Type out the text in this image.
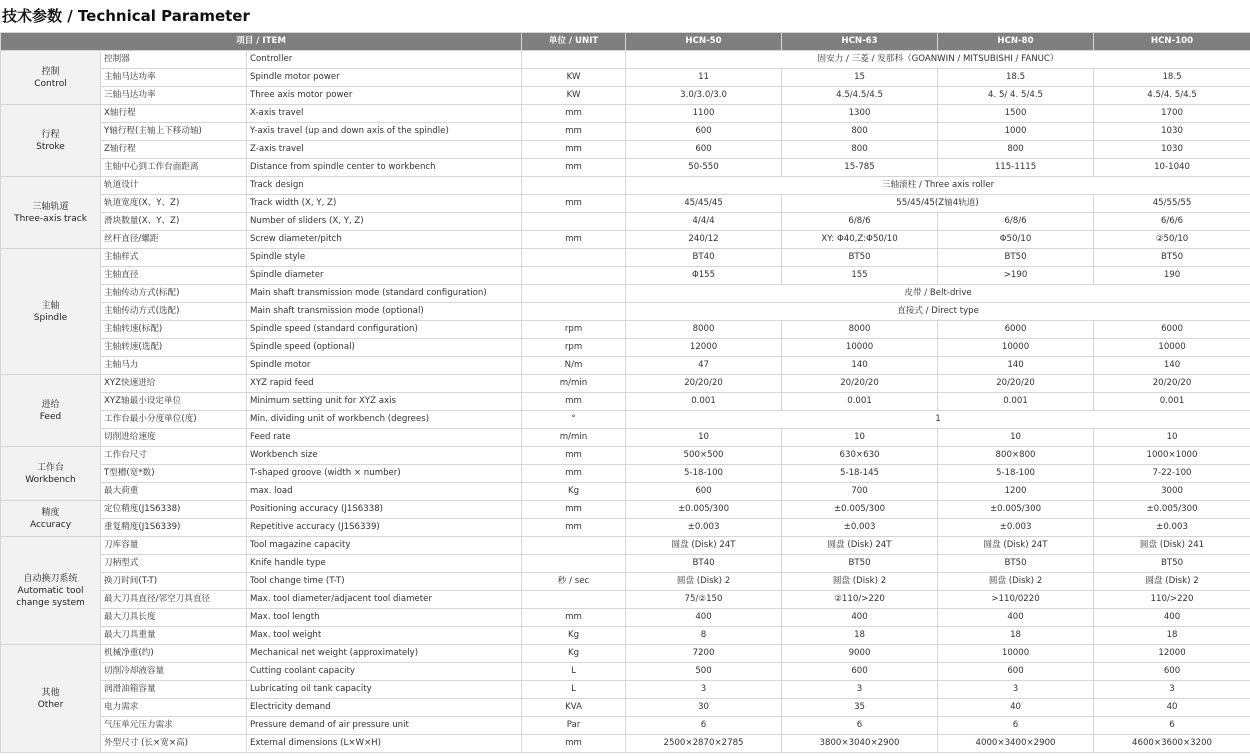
技术参数 / Technical Parameter
项目 / ITEM			单位 / UNIT	HCN-50	HCN-63	HCN-80	HCN-100

控制
Control	控制器	Controller		固安力 / 三菱 / 发那科（GOANWIN / MITSUBISHI / FANUC）			
	主轴马达功率	Spindle motor power	KW	11	15	18.5	18.5
	三轴马达功率	Three axis motor power	KW	3.0/3.0/3.0	4.5/4.5/4.5	4. 5/ 4. 5/4.5	4.5/4. 5/4.5

行程
Stroke	X轴行程	X-axis travel	mm	1100	1300	1500	1700
	Y轴行程(主轴上下移动轴)	Y-axis travel (up and down axis of the spindle)	mm	600	800	1000	1030
	Z轴行程	Z-axis travel	mm	600	800	800	1030
	主轴中心到工作台面距离	Distance from spindle center to workbench	mm	50-550	15-785	115-1115	10-1040

三轴轨道
Three-axis track	轨道设计	Track design		三轴滚柱 / Three axis roller			
	轨道宽度(X、Y、Z)	Track width (X, Y, Z)	mm	45/45/45	55/45/45(Z轴4轨道)		45/55/55
	滑块数量(X、Y、Z)	Number of sliders (X, Y, Z)		4/4/4	6/8/6	6/8/6	6/6/6
	丝杆直径/螺距	Screw diameter/pitch	mm	240/12	XY: Φ40,Z:Φ50/10	Φ50/10	②50/10

主轴
Spindle	主轴样式	Spindle style		BT40	BT50	BT50	BT50
	主轴直径	Spindle diameter		Φ155	155	>190	190
	主轴传动方式(标配)	Main shaft transmission mode (standard configuration)		皮带 / Belt-drive			
	主轴传动方式(选配)	Main shaft transmission mode (optional)		直接式 / Direct type			
	主轴转速(标配)	Spindle speed (standard configuration)	rpm	8000	8000	6000	6000
	主轴转速(选配)	Spindle speed (optional)	rpm	12000	10000	10000	10000
	主轴马力	Spindle motor	N/m	47	140	140	140

进给
Feed	XYZ快速进给	XYZ rapid feed	m/min	20/20/20	20/20/20	20/20/20	20/20/20
	XYZ轴最小设定单位	Minimum setting unit for XYZ axis	mm	0.001	0.001	0.001	0.001
	工作台最小分度单位(度)	Min. dividing unit of workbench (degrees)	°	1			
	切削进给速度	Feed rate	m/min	10	10	10	10

工作台
Workbench	工作台尺寸	Workbench size	mm	500×500	630×630	800×800	1000×1000
	T型槽(宽*数)	T-shaped groove (width × number)	mm	5-18-100	5-18-145	5-18-100	7-22-100
	最大荷重	max. load	Kg	600	700	1200	3000

精度
Accuracy	定位精度(J1S6338)	Positioning accuracy (J1S6338)	mm	±0.005/300	±0.005/300	±0.005/300	±0.005/300
	重复精度(J1S6339)	Repetitive accuracy (J1S6339)	mm	±0.003	±0.003	±0.003	±0.003

自动换刀系统
Automatic tool
change system	刀库容量	Tool magazine capacity		圆盘 (Disk) 24T	圆盘 (Disk) 24T	圆盘 (Disk) 24T	圆盘 (Disk) 241
	刀柄型式	Knife handle type		BT40	BT50	BT50	BT50
	换刀时间(T-T)	Tool change time (T-T)	秒 / sec	圆盘 (Disk) 2	圆盘 (Disk) 2	圆盘 (Disk) 2	圆盘 (Disk) 2
	最大刀具直径/邻空刀具直径	Max. tool diameter/adjacent tool diameter		75/②150	②110/>220	>110/0220	110/>220
	最大刀具长度	Max. tool length	mm	400	400	400	400
	最大刀具重量	Max. tool weight	Kg	8	18	18	18

其他
Other	机械净重(约)	Mechanical net weight (approximately)	Kg	7200	9000	10000	12000
	切削冷却液容量	Cutting coolant capacity	L	500	600	600	600
	润滑油箱容量	Lubricating oil tank capacity	L	3	3	3	3
	电力需求	Electricity demand	KVA	30	35	40	40
	气压单元压力需求	Pressure demand of air pressure unit	Par	6	6	6	6
	外型尺寸 (长×宽×高)	External dimensions (L×W×H)	mm	2500×2870×2785	3800×3040×2900	4000×3400×2900	4600×3600×3200
